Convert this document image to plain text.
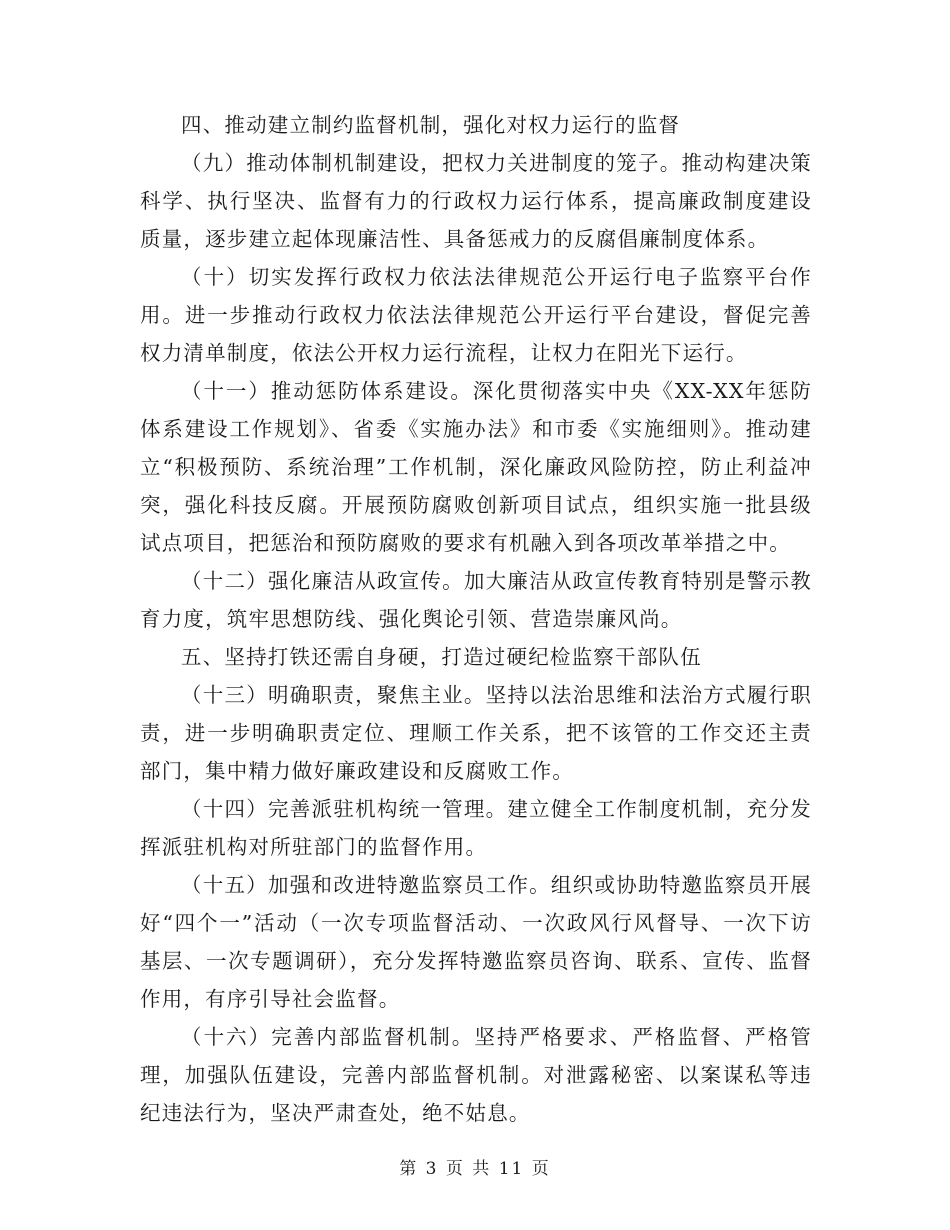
四、推动建立制约监督机制，强化对权力运行的监督

（九）推动体制机制建设，把权力关进制度的笼子。推动构建决策科学、执行坚决、监督有力的行政权力运行体系，提高廉政制度建设质量，逐步建立起体现廉洁性、具备惩戒力的反腐倡廉制度体系。

（十）切实发挥行政权力依法法律规范公开运行电子监察平台作用。进一步推动行政权力依法法律规范公开运行平台建设，督促完善权力清单制度，依法公开权力运行流程，让权力在阳光下运行。

（十一）推动惩防体系建设。深化贯彻落实中央《XX-XX年惩防体系建设工作规划》、省委《实施办法》和市委《实施细则》。推动建立“积极预防、系统治理”工作机制，深化廉政风险防控，防止利益冲突，强化科技反腐。开展预防腐败创新项目试点，组织实施一批县级试点项目，把惩治和预防腐败的要求有机融入到各项改革举措之中。

（十二）强化廉洁从政宣传。加大廉洁从政宣传教育特别是警示教育力度，筑牢思想防线、强化舆论引领、营造崇廉风尚。

五、坚持打铁还需自身硬，打造过硬纪检监察干部队伍

（十三）明确职责，聚焦主业。坚持以法治思维和法治方式履行职责，进一步明确职责定位、理顺工作关系，把不该管的工作交还主责部门，集中精力做好廉政建设和反腐败工作。

（十四）完善派驻机构统一管理。建立健全工作制度机制，充分发挥派驻机构对所驻部门的监督作用。

（十五）加强和改进特邀监察员工作。组织或协助特邀监察员开展好“四个一”活动（一次专项监督活动、一次政风行风督导、一次下访基层、一次专题调研），充分发挥特邀监察员咨询、联系、宣传、监督作用，有序引导社会监督。

（十六）完善内部监督机制。坚持严格要求、严格监督、严格管理，加强队伍建设，完善内部监督机制。对泄露秘密、以案谋私等违纪违法行为，坚决严肃查处，绝不姑息。

第 3 页 共 11 页
